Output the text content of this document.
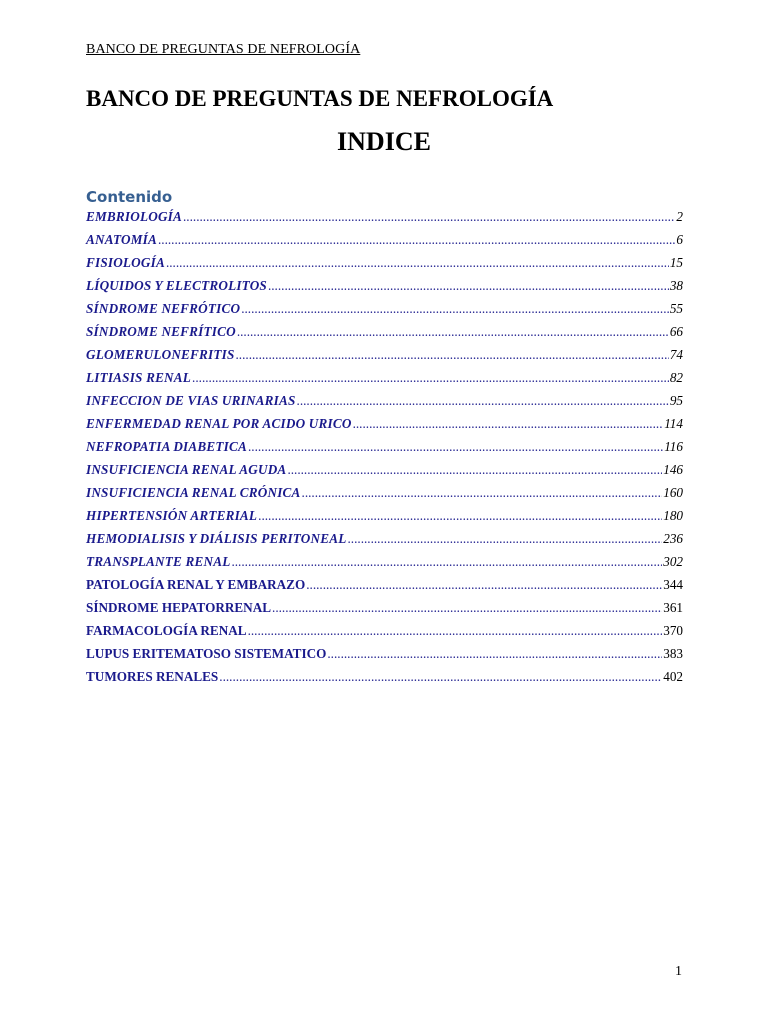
BANCO DE PREGUNTAS DE NEFROLOGÍA
BANCO DE PREGUNTAS DE NEFROLOGÍA
INDICE
Contenido
EMBRIOLOGÍA .....	2
ANATOMÍA .....	6
FISIOLOGÍA .....	15
LÍQUIDOS Y ELECTROLITOS .....	38
SÍNDROME NEFRÓTICO .....	55
SÍNDROME NEFRÍTICO .....	66
GLOMERULONEFRITIS .....	74
LITIASIS RENAL .....	82
INFECCION DE VIAS URINARIAS .....	95
ENFERMEDAD RENAL POR ACIDO URICO .....	114
NEFROPATIA DIABETICA .....	116
INSUFICIENCIA RENAL AGUDA .....	146
INSUFICIENCIA RENAL CRÓNICA .....	160
HIPERTENSIÓN ARTERIAL .....	180
HEMODIALISIS Y DIÁLISIS PERITONEAL .....	236
TRANSPLANTE RENAL .....	302
PATOLOGÍA RENAL Y EMBARAZO .....	344
SÍNDROME HEPATORRENAL .....	361
FARMACOLOGÍA RENAL .....	370
LUPUS ERITEMATOSO SISTEMATICO .....	383
TUMORES RENALES .....	402
1
